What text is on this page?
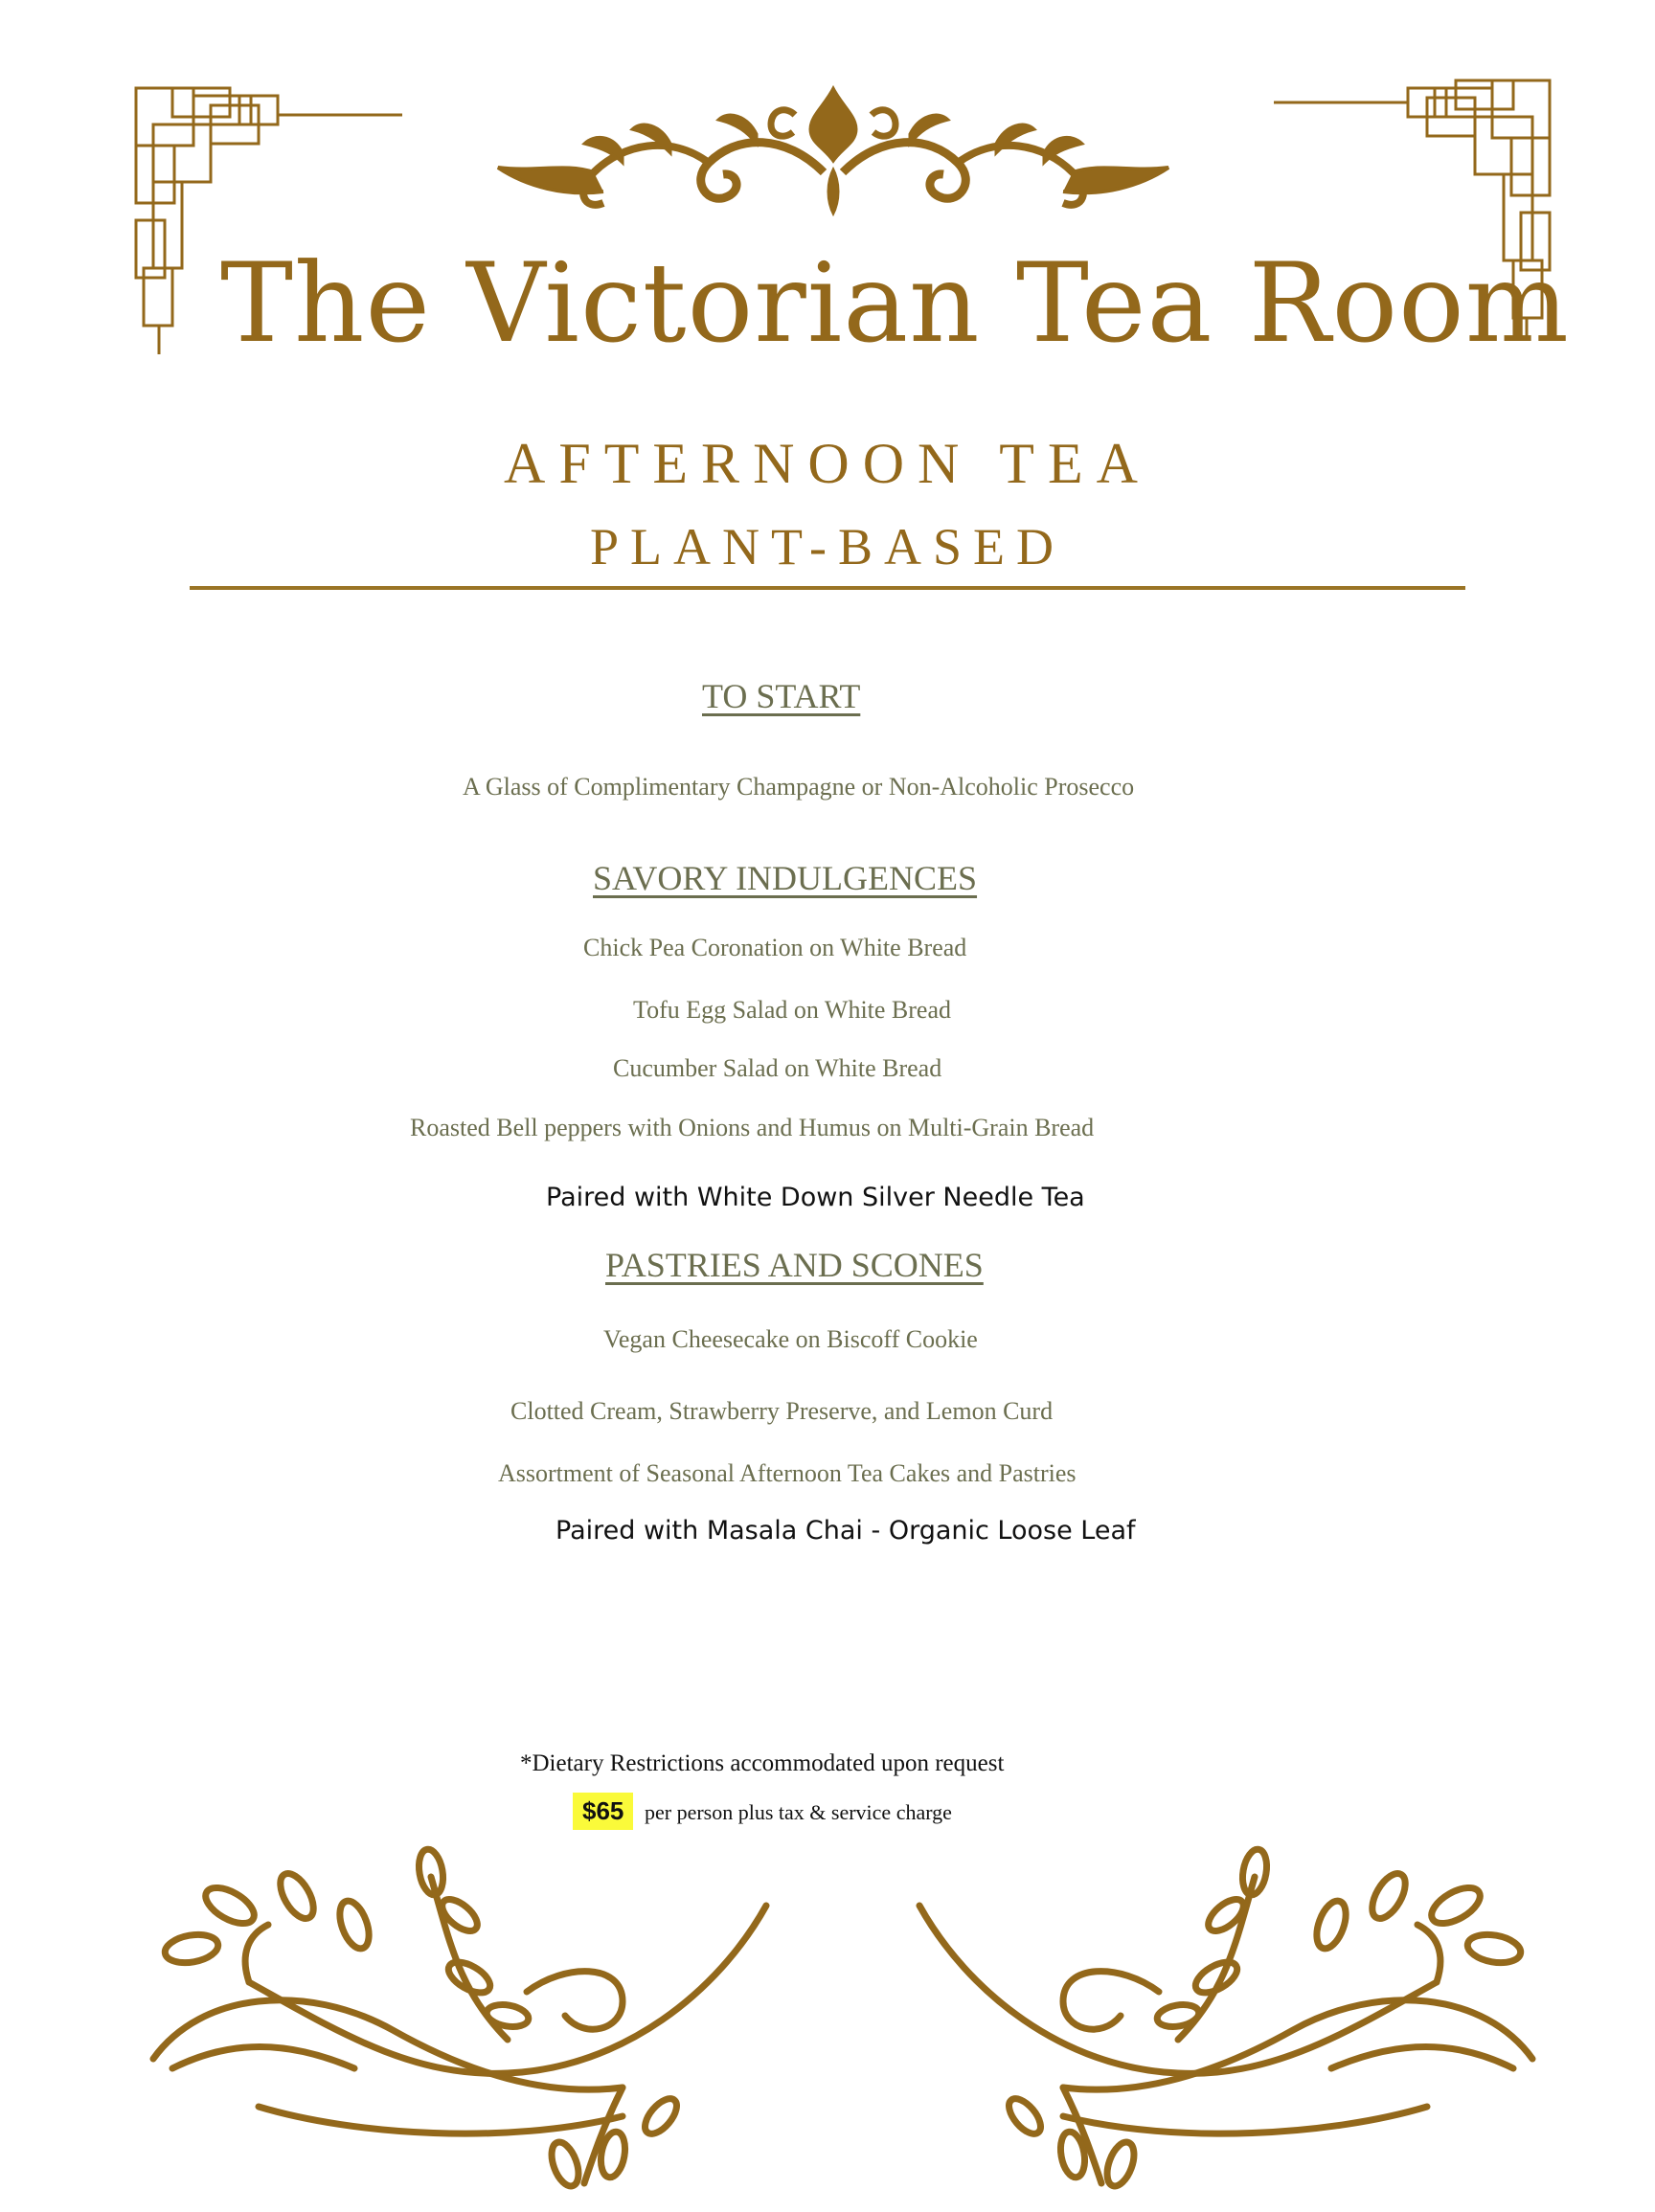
The Victorian Tea Room
AFTERNOON TEA
PLANT-BASED
TO START
A Glass of Complimentary Champagne or Non-Alcoholic Prosecco
SAVORY INDULGENCES
Chick Pea Coronation on White Bread
Tofu Egg Salad on White Bread
Cucumber Salad on White Bread
Roasted Bell peppers with Onions and Humus on Multi-Grain Bread
Paired with White Down Silver Needle Tea
PASTRIES AND SCONES
Vegan Cheesecake on Biscoff Cookie
Clotted Cream, Strawberry Preserve, and Lemon Curd
Assortment of Seasonal Afternoon Tea Cakes and Pastries
Paired with Masala Chai - Organic Loose Leaf
*Dietary Restrictions accommodated upon request
$65 per person plus tax & service charge
